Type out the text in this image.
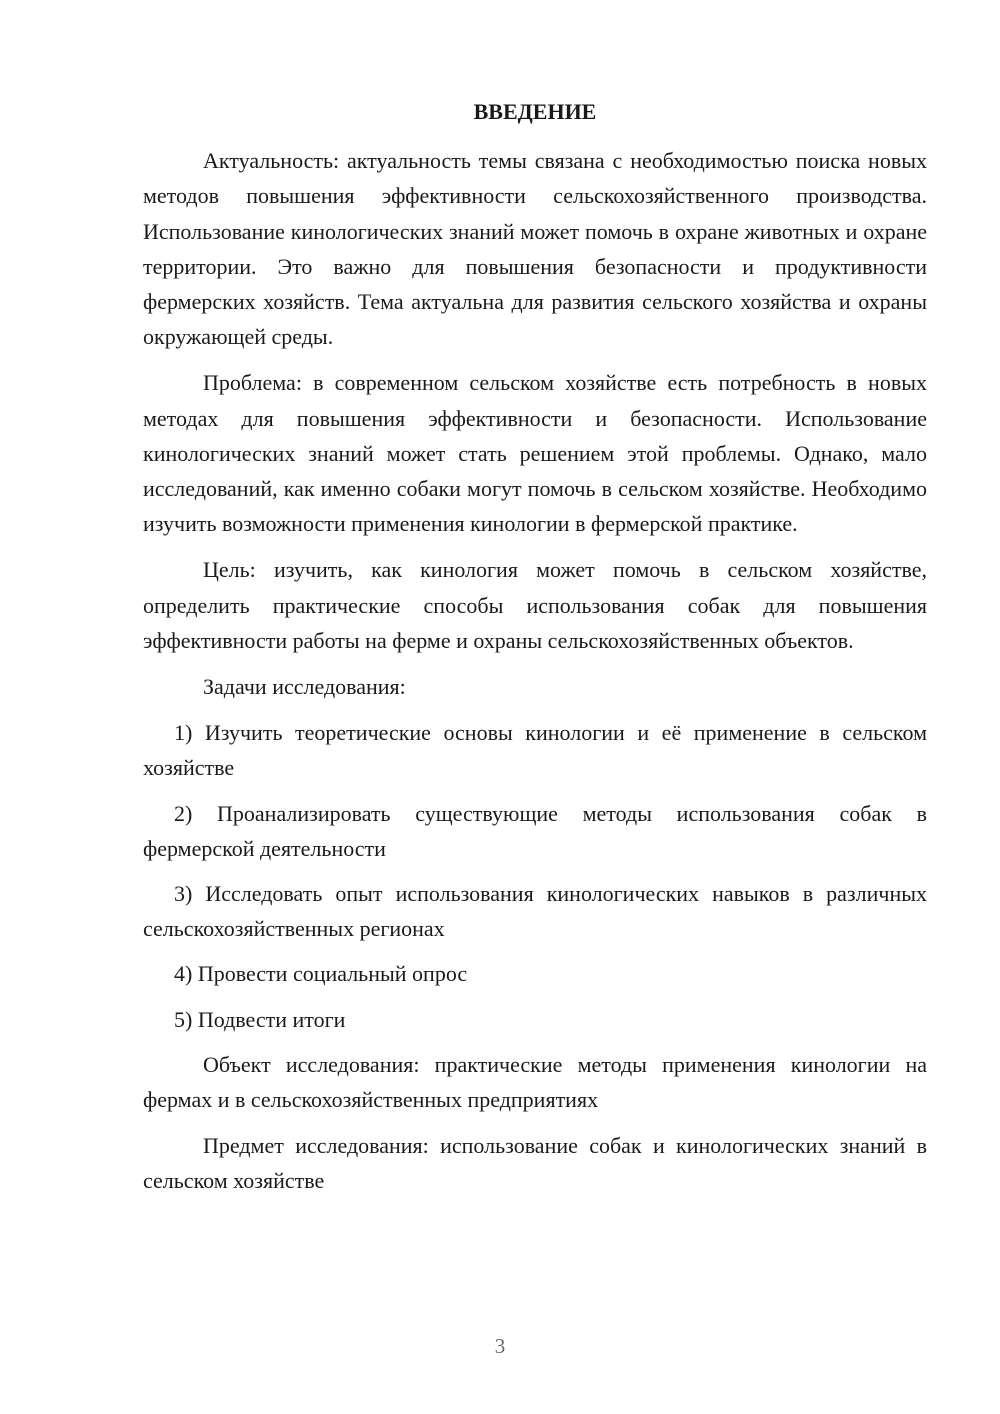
ВВЕДЕНИЕ

Актуальность: актуальность темы связана с необходимостью поиска новых методов повышения эффективности сельскохозяйственного производства. Использование кинологических знаний может помочь в охране животных и охране территории. Это важно для повышения безопасности и продуктивности фермерских хозяйств. Тема актуальна для развития сельского хозяйства и охраны окружающей среды.

Проблема: в современном сельском хозяйстве есть потребность в новых методах для повышения эффективности и безопасности. Использование кинологических знаний может стать решением этой проблемы. Однако, мало исследований, как именно собаки могут помочь в сельском хозяйстве. Необходимо изучить возможности применения кинологии в фермерской практике.

Цель: изучить, как кинология может помочь в сельском хозяйстве, определить практические способы использования собак для повышения эффективности работы на ферме и охраны сельскохозяйственных объектов.

Задачи исследования:

1) Изучить теоретические основы кинологии и её применение в сельском хозяйстве

2) Проанализировать существующие методы использования собак в фермерской деятельности

3) Исследовать опыт использования кинологических навыков в различных сельскохозяйственных регионах

4) Провести социальный опрос

5) Подвести итоги

Объект исследования: практические методы применения кинологии на фермах и в сельскохозяйственных предприятиях

Предмет исследования: использование собак и кинологических знаний в сельском хозяйстве

3
